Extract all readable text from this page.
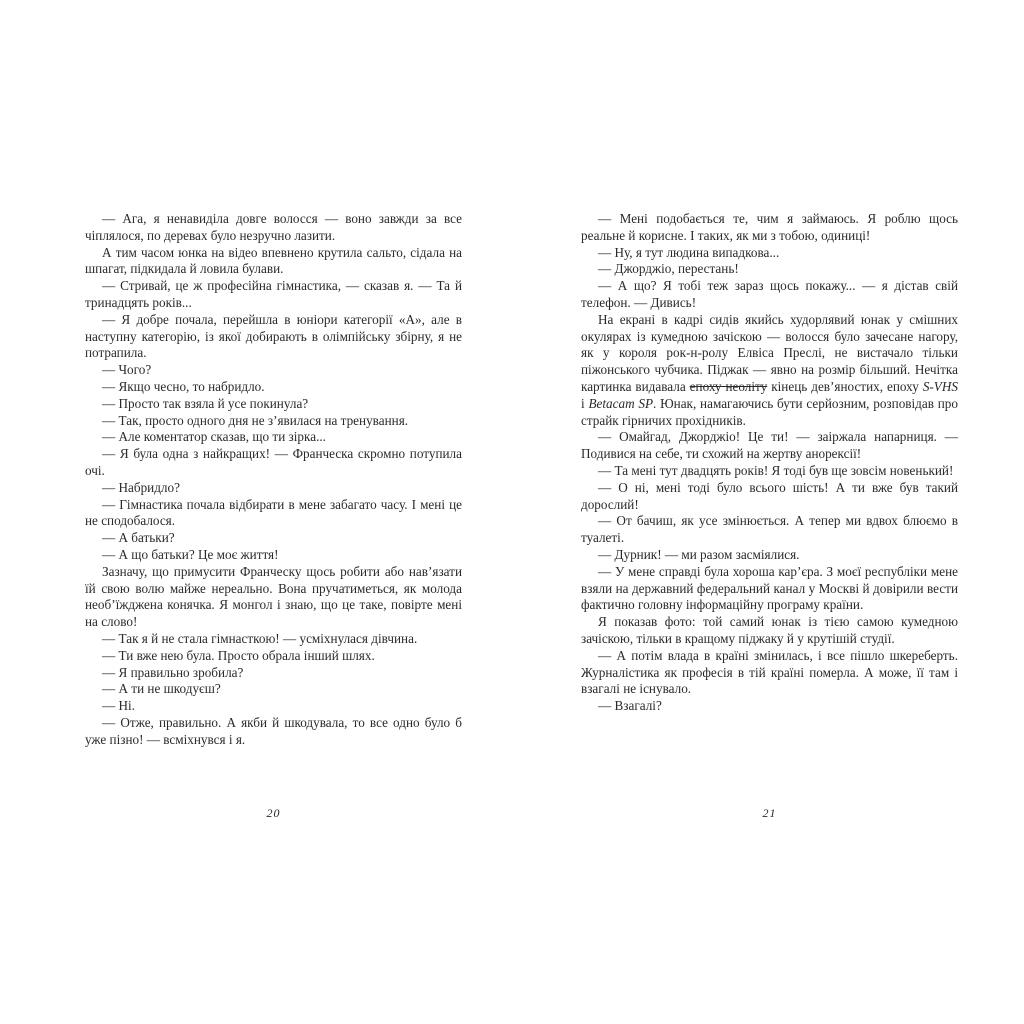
— Ага, я ненавиділа довге волосся — воно завжди за все чіплялося, по деревах було незручно лазити.

А тим часом юнка на відео впевнено крутила сальто, сідала на шпагат, підкидала й ловила булави.

— Стривай, це ж професійна гімнастика, — сказав я. — Та й тринадцять років...

— Я добре почала, перейшла в юніори категорії «А», але в наступну категорію, із якої добирають в олімпійську збірну, я не потрапила.

— Чого?

— Якщо чесно, то набридло.

— Просто так взяла й усе покинула?

— Так, просто одного дня не з’явилася на тренування.

— Але коментатор сказав, що ти зірка...

— Я була одна з найкращих! — Франческа скромно потупила очі.

— Набридло?

— Гімнастика почала відбирати в мене забагато часу. І мені це не сподобалося.

— А батьки?

— А що батьки? Це моє життя!

Зазначу, що примусити Франческу щось робити або нав’язати їй свою волю майже нереально. Вона пручатиметься, як молода необ’їжджена конячка. Я монгол і знаю, що це таке, повірте мені на слово!

— Так я й не стала гімнасткою! — усміхнулася дівчина.

— Ти вже нею була. Просто обрала інший шлях.

— Я правильно зробила?

— А ти не шкодуєш?

— Ні.

— Отже, правильно. А якби й шкодувала, то все одно було б уже пізно! — всміхнувся і я.

20

— Мені подобається те, чим я займаюсь. Я роблю щось реальне й корисне. І таких, як ми з тобою, одиниці!

— Ну, я тут людина випадкова...

— Джорджіо, перестань!

— А що? Я тобі теж зараз щось покажу... — я дістав свій телефон. — Дивись!

На екрані в кадрі сидів якийсь худорлявий юнак у смішних окулярах із кумедною зачіскою — волосся було зачесане нагору, як у короля рок-н-ролу Елвіса Преслі, не вистачало тільки піжонського чубчика. Піджак — явно на розмір більший. Нечітка картинка видавала епоху неоліту кінець дев’яностих, епоху S-VHS і Betacam SP. Юнак, намагаючись бути серйозним, розповідав про страйк гірничих прохідників.

— Омайгад, Джорджіо! Це ти! — заіржала напарниця. — Подивися на себе, ти схожий на жертву анорексії!

— Та мені тут двадцять років! Я тоді був ще зовсім новенький!

— О ні, мені тоді було всього шість! А ти вже був такий дорослий!

— От бачиш, як усе змінюється. А тепер ми вдвох блюємо в туалеті.

— Дурник! — ми разом засміялися.

— У мене справді була хороша кар’єра. З моєї республіки мене взяли на державний федеральний канал у Москві й довірили вести фактично головну інформаційну програму країни.

Я показав фото: той самий юнак із тією самою кумедною зачіскою, тільки в кращому піджаку й у крутішій студії.

— А потім влада в країні змінилась, і все пішло шкереберть. Журналістика як професія в тій країні померла. А може, її там і взагалі не існувало.

— Взагалі?

21
